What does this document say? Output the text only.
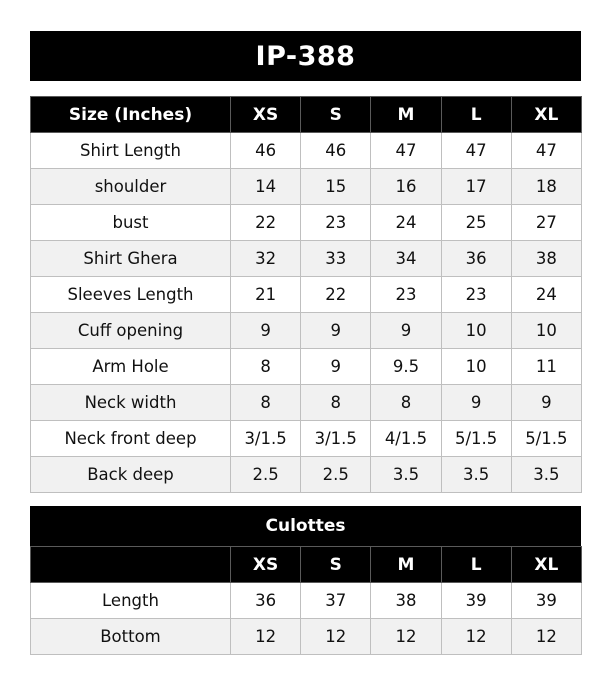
IP-388
Size (Inches)	XS	S	M	L	XL
Shirt Length	46	46	47	47	47
shoulder	14	15	16	17	18
bust	22	23	24	25	27
Shirt Ghera	32	33	34	36	38
Sleeves Length	21	22	23	23	24
Cuff opening	9	9	9	10	10
Arm Hole	8	9	9.5	10	11
Neck width	8	8	8	9	9
Neck front deep	3/1.5	3/1.5	4/1.5	5/1.5	5/1.5
Back deep	2.5	2.5	3.5	3.5	3.5
Culottes
	XS	S	M	L	XL
Length	36	37	38	39	39
Bottom	12	12	12	12	12
